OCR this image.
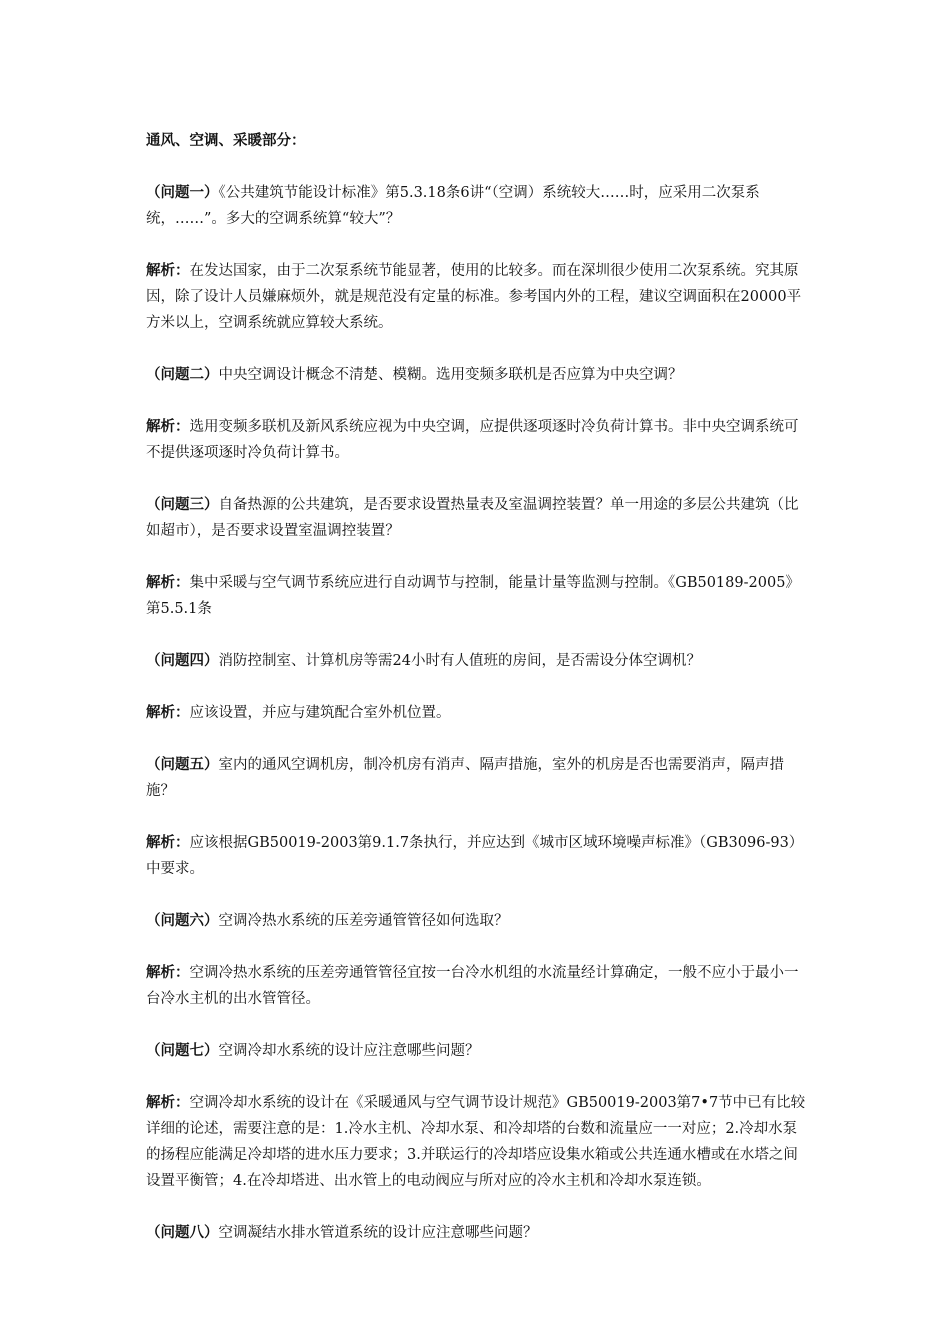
通风、空调、采暖部分：

（问题一）《公共建筑节能设计标准》第5.3.18条6讲“（空调）系统较大……时，应采用二次泵系统，……”。多大的空调系统算“较大”？

解析：在发达国家，由于二次泵系统节能显著，使用的比较多。而在深圳很少使用二次泵系统。究其原因，除了设计人员嫌麻烦外，就是规范没有定量的标准。参考国内外的工程，建议空调面积在20000平方米以上，空调系统就应算较大系统。

（问题二）中央空调设计概念不清楚、模糊。选用变频多联机是否应算为中央空调？

解析：选用变频多联机及新风系统应视为中央空调，应提供逐项逐时冷负荷计算书。非中央空调系统可不提供逐项逐时冷负荷计算书。

（问题三）自备热源的公共建筑，是否要求设置热量表及室温调控装置？单一用途的多层公共建筑（比如超市），是否要求设置室温调控装置？

解析：集中采暖与空气调节系统应进行自动调节与控制，能量计量等监测与控制。《GB50189-2005》第5.5.1条

（问题四）消防控制室、计算机房等需24小时有人值班的房间，是否需设分体空调机？

解析：应该设置，并应与建筑配合室外机位置。

（问题五）室内的通风空调机房，制冷机房有消声、隔声措施，室外的机房是否也需要消声，隔声措施？

解析：应该根据GB50019-2003第9.1.7条执行，并应达到《城市区域环境噪声标准》（GB3096-93）中要求。

（问题六）空调冷热水系统的压差旁通管管径如何选取？

解析：空调冷热水系统的压差旁通管管径宜按一台冷水机组的水流量经计算确定，一般不应小于最小一台冷水主机的出水管管径。

（问题七）空调冷却水系统的设计应注意哪些问题？

解析：空调冷却水系统的设计在《采暖通风与空气调节设计规范》GB50019-2003第7•7节中已有比较详细的论述，需要注意的是：1.冷水主机、冷却水泵、和冷却塔的台数和流量应一一对应；2.冷却水泵的扬程应能满足冷却塔的进水压力要求；3.并联运行的冷却塔应设集水箱或公共连通水槽或在水塔之间设置平衡管；4.在冷却塔进、出水管上的电动阀应与所对应的冷水主机和冷却水泵连锁。

（问题八）空调凝结水排水管道系统的设计应注意哪些问题？
